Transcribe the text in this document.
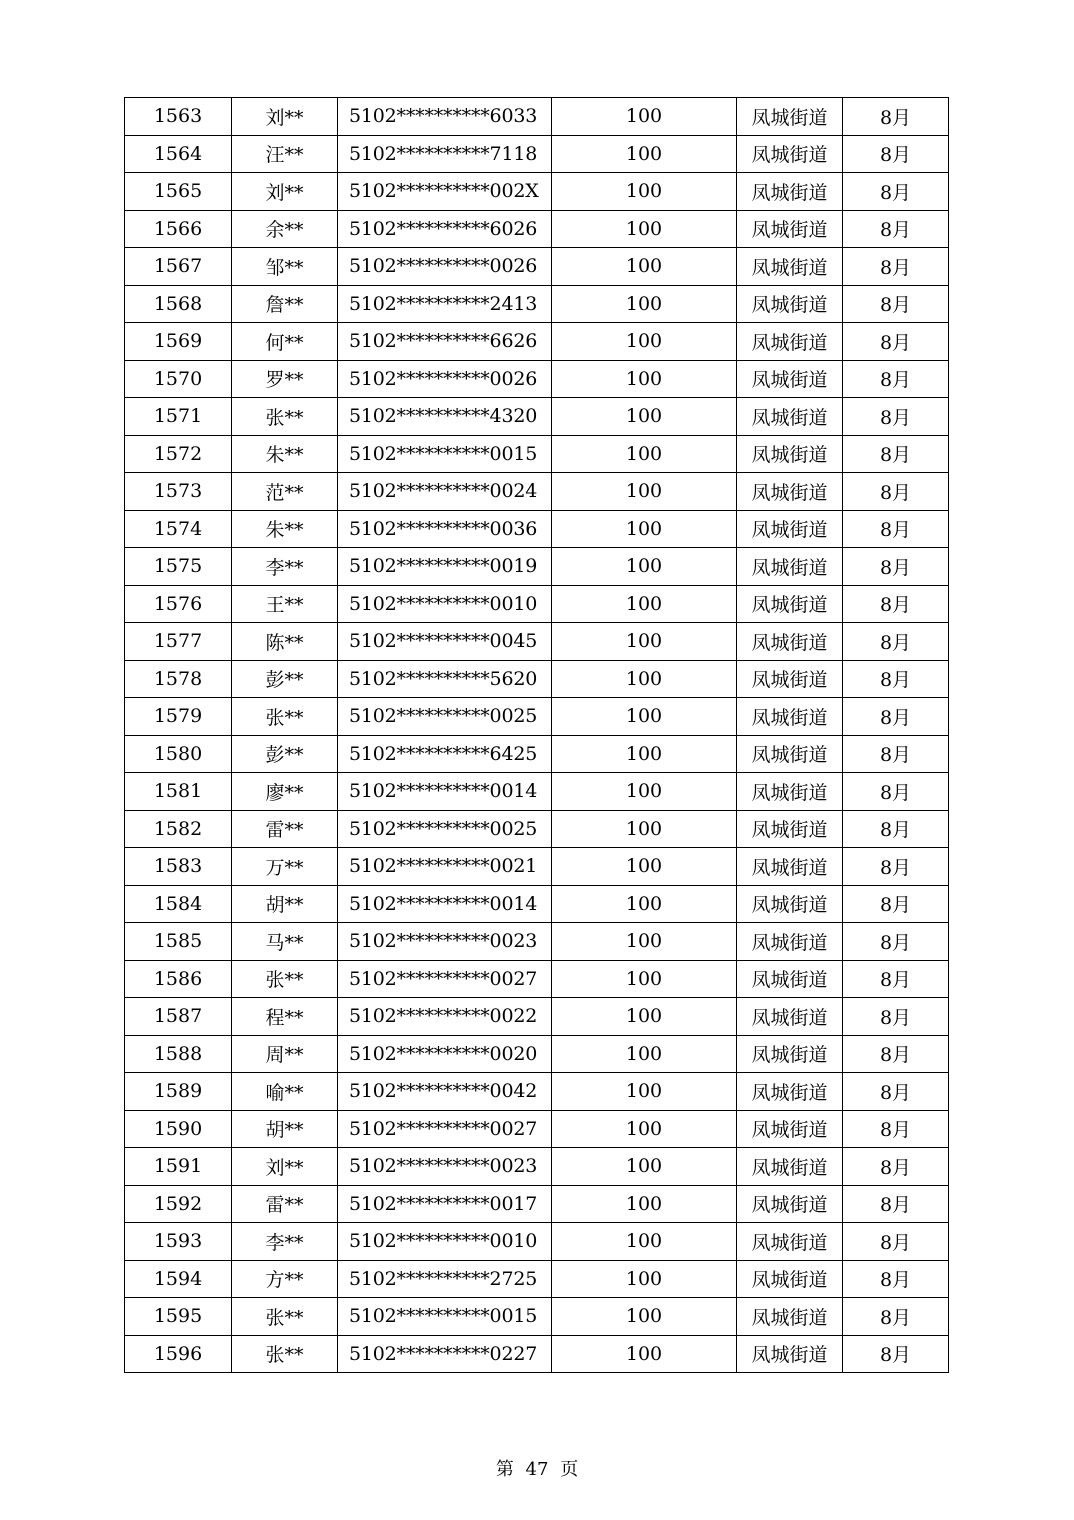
1563	刘**	5102**********6033	100	凤城街道	8月
1564	汪**	5102**********7118	100	凤城街道	8月
1565	刘**	5102**********002X	100	凤城街道	8月
1566	余**	5102**********6026	100	凤城街道	8月
1567	邹**	5102**********0026	100	凤城街道	8月
1568	詹**	5102**********2413	100	凤城街道	8月
1569	何**	5102**********6626	100	凤城街道	8月
1570	罗**	5102**********0026	100	凤城街道	8月
1571	张**	5102**********4320	100	凤城街道	8月
1572	朱**	5102**********0015	100	凤城街道	8月
1573	范**	5102**********0024	100	凤城街道	8月
1574	朱**	5102**********0036	100	凤城街道	8月
1575	李**	5102**********0019	100	凤城街道	8月
1576	王**	5102**********0010	100	凤城街道	8月
1577	陈**	5102**********0045	100	凤城街道	8月
1578	彭**	5102**********5620	100	凤城街道	8月
1579	张**	5102**********0025	100	凤城街道	8月
1580	彭**	5102**********6425	100	凤城街道	8月
1581	廖**	5102**********0014	100	凤城街道	8月
1582	雷**	5102**********0025	100	凤城街道	8月
1583	万**	5102**********0021	100	凤城街道	8月
1584	胡**	5102**********0014	100	凤城街道	8月
1585	马**	5102**********0023	100	凤城街道	8月
1586	张**	5102**********0027	100	凤城街道	8月
1587	程**	5102**********0022	100	凤城街道	8月
1588	周**	5102**********0020	100	凤城街道	8月
1589	喻**	5102**********0042	100	凤城街道	8月
1590	胡**	5102**********0027	100	凤城街道	8月
1591	刘**	5102**********0023	100	凤城街道	8月
1592	雷**	5102**********0017	100	凤城街道	8月
1593	李**	5102**********0010	100	凤城街道	8月
1594	方**	5102**********2725	100	凤城街道	8月
1595	张**	5102**********0015	100	凤城街道	8月
1596	张**	5102**********0227	100	凤城街道	8月
第 47 页
